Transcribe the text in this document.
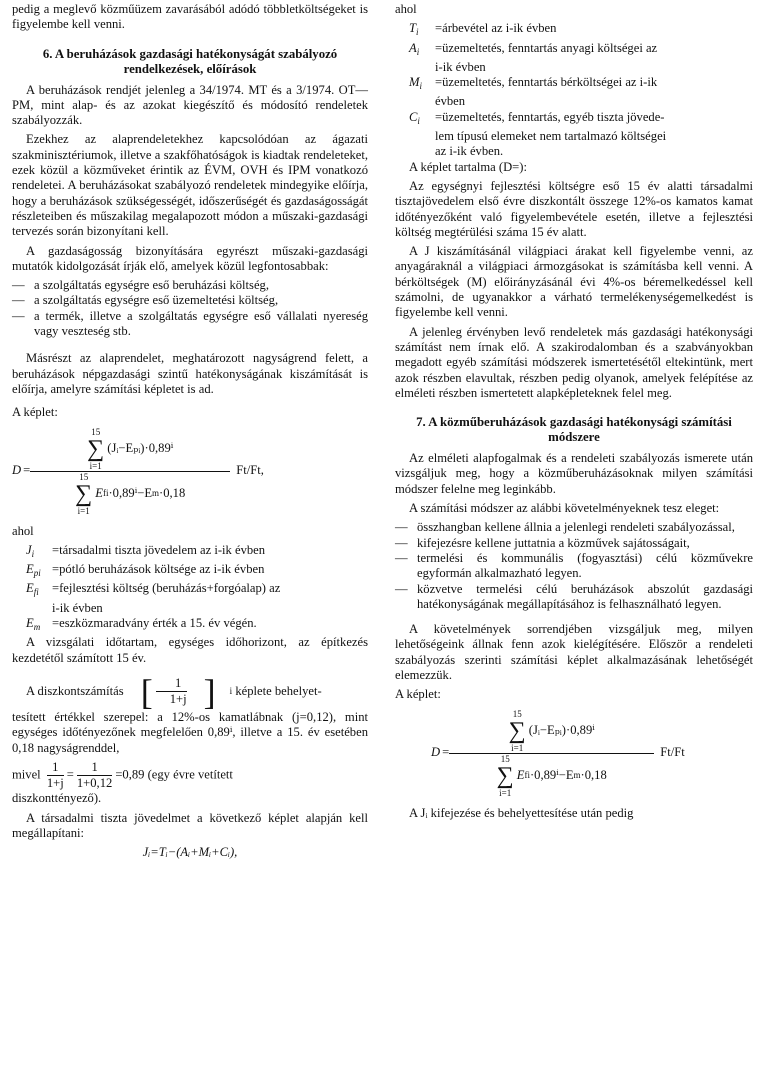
pedig a meglevő közműüzem zavarásából adódó többletköltségeket is figyelembe kell venni.

6. A beruházások gazdasági hatékonyságát szabályozó rendelkezések, előírások

A beruházások rendjét jelenleg a 34/1974. MT és a 3/1974. OT—PM, mint alap- és az azokat kiegészítő és módosító rendeletek szabályozzák.

Ezekhez az alaprendeletekhez kapcsolódóan az ágazati szakminisztériumok, illetve a szakfőhatóságok is kiadtak rendeleteket, ezek közül a közműveket érintik az ÉVM, OVH és IPM vonatkozó rendeletei. A beruházásokat szabályozó rendeletek mindegyike előírja, hogy a beruházások szükségességét, időszerűségét és gazdaságosságát részleteiben és műszakilag megalapozott módon a műszaki-gazdasági tervezés során bizonyítani kell.

A gazdaságosság bizonyítására egyrészt műszaki-gazdasági mutatók kidolgozását írják elő, amelyek közül legfontosabbak:

— a szolgáltatás egységre eső beruházási költség,
— a szolgáltatás egységre eső üzemeltetési költség,
— a termék, illetve a szolgáltatás egységre eső vállalati nyereség vagy veszteség stb.

Másrészt az alaprendelet, meghatározott nagyságrend felett, a beruházások népgazdasági szintű hatékonyságának kiszámítását is előírja, amelyre számítási képletet is ad.

A képlet:

D = 15
∑
i=1
(Jᵢ−Eₚᵢ)·0,89ⁱ
15
∑
i=1
E fi ·0,89ⁱ−E m ·0,18 Ft/Ft,

ahol

$J_i$	=társadalmi tiszta jövedelem az i-ik évben
$E_{pi}$ =pótló beruházások költsége az i-ik évben
$E_{fi}$	=fejlesztési költség (beruházás+forgóalap) az
i-ik évben
$E_m$ =eszközmaradvány érték a 15. év végén.

A vizsgálati időtartam, egységes időhorizont, az építkezés kezdetétől számított 15 év.

A diszkontszámítás [ $\frac{1}{1+j}$ ]	i képlete behelyet-

tesített értékkel szerepel: a 12%-os kamatlábnak (j=0,12), mint egységes időtényezőnek megfelelően 0,89ⁱ, illetve a 15. év esetében 0,18 nagyságrenddel,

mivel $\frac{1}{1+j} = \frac{1}{1+0,12} =0,89$ (egy évre vetített

diszkonttényező).

A társadalmi tiszta jövedelmet a következő képlet alapján kell megállapítani:

Jᵢ=Tᵢ−(Aᵢ+Mᵢ+Cᵢ),

ahol

$T_i$	=árbevétel az i-ik évben
$A_i$	=üzemeltetés, fenntartás anyagi költségei az
i-ik évben
$M_i$	=üzemeltetés, fenntartás bérköltségei az i-ik
évben
$C_i$	=üzemeltetés, fenntartás, egyéb tiszta jövede-
lem típusú elemeket nem tartalmazó költségei
az i-ik évben.

A képlet tartalma (D=):

Az egységnyi fejlesztési költségre eső 15 év alatti társadalmi tisztajövedelem első évre diszkontált összege 12%-os kamatos kamat időtényezőként való figyelembevétele esetén, illetve a fejlesztési költség megtérülési száma 15 év alatt.

A J kiszámításánál világpiaci árakat kell figyelembe venni, az anyagáraknál a világpiaci ármozgásokat is számításba kell venni. A bérköltségek (M) előirányzásánál évi 4%-os béremelkedéssel kell számolni, de ugyanakkor a várható termelékenységemelkedést is figyelembe kell venni.

A jelenleg érvényben levő rendeletek más gazdasági hatékonysági számítást nem írnak elő. A szakirodalomban és a szabványokban megadott egyéb számítási módszerek ismertetésétől eltekintünk, mert azok részben elavultak, részben pedig olyanok, amelyek felépítése az elméleti részben ismertetett alapképleteknek felel meg.

7. A közműberuházások gazdasági hatékonysági számítási módszere

Az elméleti alapfogalmak és a rendeleti szabályozás ismerete után vizsgáljuk meg, hogy a közműberuházásoknak milyen számítási módszer felelne meg leginkább.

A számítási módszer az alábbi követelményeknek tesz eleget:

— összhangban kellene állnia a jelenlegi rendeleti szabályozással,
— kifejezésre kellene juttatnia a közművek sajátosságait,
— termelési és kommunális (fogyasztási) célú közművekre egyformán alkalmazható legyen.
— közvetve termelési célú beruházások abszolút gazdasági hatékonyságának megállapításához is felhasználható legyen.

A követelmények sorrendjében vizsgáljuk meg, milyen lehetőségeink állnak fenn azok kielégítésére. Először a rendeleti szabályozás szerinti számítási képlet alkalmazásának lehetőségét elemezzük.

A képlet:

D = 15
∑
i=1
(Jᵢ−Eₚᵢ)·0,89ⁱ
15
∑
i=1
E fi ·0,89ⁱ−E m ·0,18 Ft/Ft

A Jᵢ kifejezése és behelyettesítése után pedig
